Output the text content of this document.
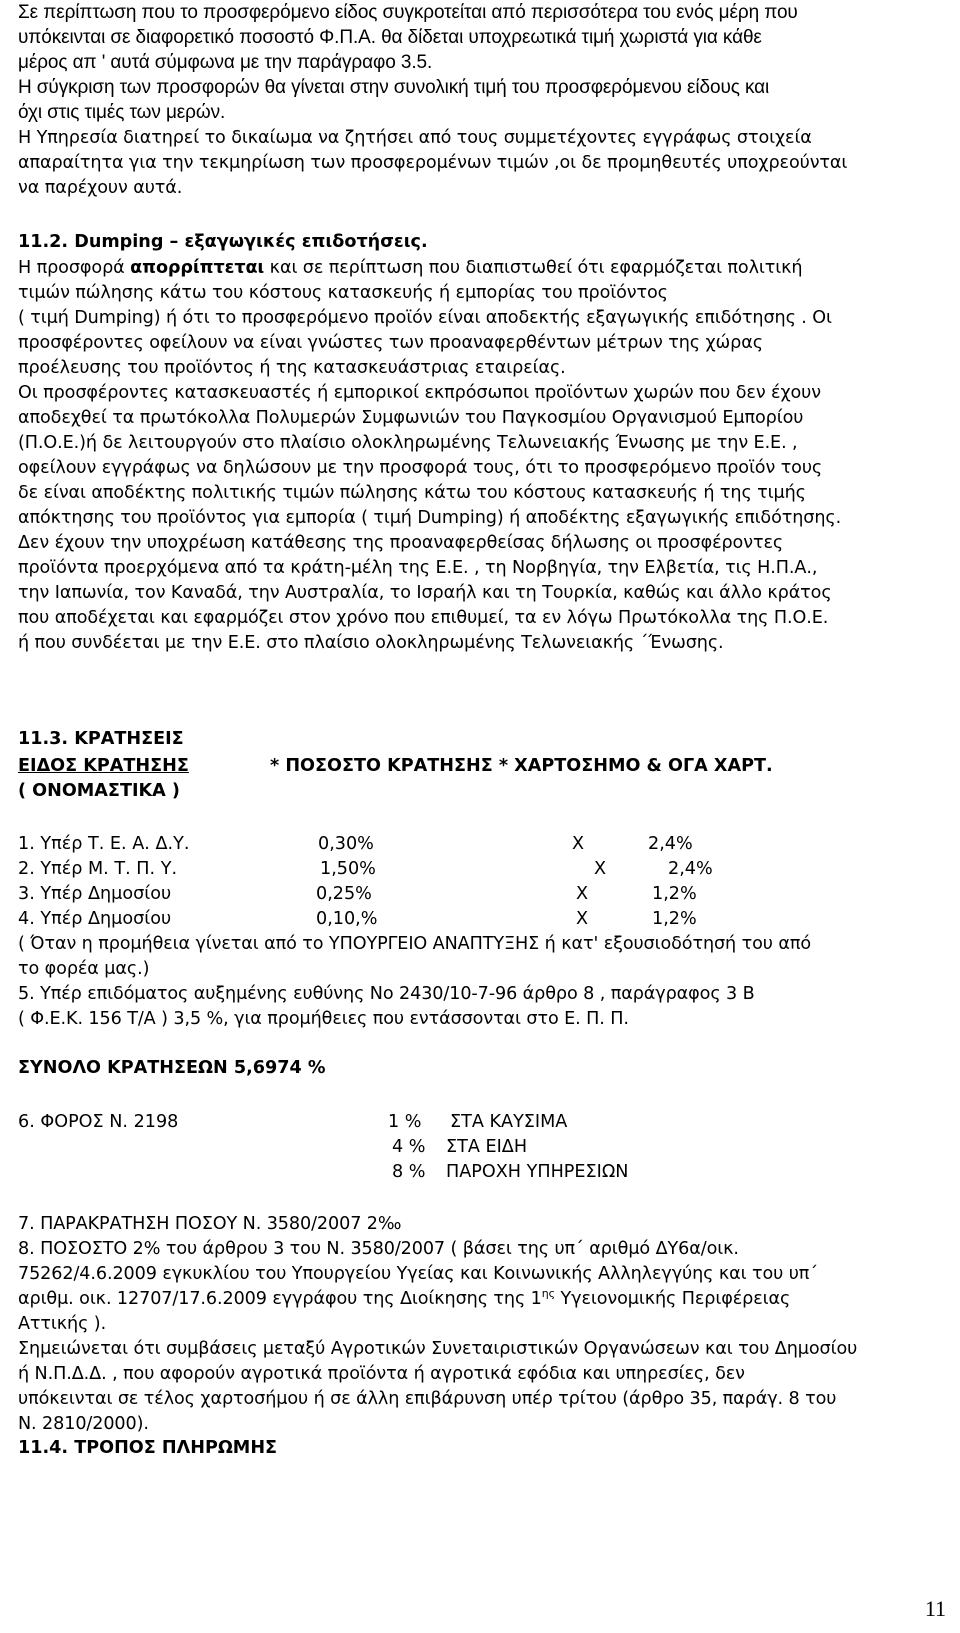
Σε περίπτωση που το προσφερόμενο είδος συγκροτείται από περισσότερα του ενός μέρη που
υπόκεινται σε διαφορετικό ποσοστό Φ.Π.Α. θα δίδεται υποχρεωτικά τιμή χωριστά για κάθε
μέρος απ ' αυτά σύμφωνα με την παράγραφο 3.5.
Η σύγκριση των προσφορών θα γίνεται στην συνολική τιμή του προσφερόμενου είδους και
όχι στις τιμές των μερών.
Η Υπηρεσία διατηρεί το δικαίωμα να ζητήσει από τους συμμετέχοντες εγγράφως στοιχεία
απαραίτητα για την τεκμηρίωση των προσφερομένων τιμών ,οι δε προμηθευτές υποχρεούνται
να παρέχουν αυτά.
11.2. Dumping – εξαγωγικές επιδοτήσεις.
Η προσφορά απορρίπτεται και σε περίπτωση που διαπιστωθεί ότι εφαρμόζεται πολιτική
τιμών πώλησης κάτω του κόστους κατασκευής ή εμπορίας του προϊόντος
( τιμή Dumping) ή ότι το προσφερόμενο προϊόν είναι αποδεκτής εξαγωγικής επιδότησης . Οι
προσφέροντες οφείλουν να είναι γνώστες των προαναφερθέντων μέτρων της χώρας
προέλευσης του προϊόντος ή της κατασκευάστριας εταιρείας.
Οι προσφέροντες κατασκευαστές ή εμπορικοί εκπρόσωποι προϊόντων χωρών που δεν έχουν
αποδεχθεί τα πρωτόκολλα Πολυμερών Συμφωνιών του Παγκοσμίου Οργανισμού Εμπορίου
(Π.Ο.Ε.)ή δε λειτουργούν στο πλαίσιο ολοκληρωμένης Τελωνειακής Ένωσης με την Ε.Ε. ,
οφείλουν εγγράφως να δηλώσουν με την προσφορά τους, ότι το προσφερόμενο προϊόν τους
δε είναι αποδέκτης πολιτικής τιμών πώλησης κάτω του κόστους κατασκευής ή της τιμής
απόκτησης του προϊόντος για εμπορία ( τιμή Dumping) ή αποδέκτης εξαγωγικής επιδότησης.
Δεν έχουν την υποχρέωση κατάθεσης της προαναφερθείσας δήλωσης οι προσφέροντες
προϊόντα προερχόμενα από τα κράτη-μέλη της Ε.Ε. , τη Νορβηγία, την Ελβετία, τις Η.Π.Α.,
την Ιαπωνία, τον Καναδά, την Αυστραλία, το Ισραήλ και τη Τουρκία, καθώς και άλλο κράτος
που αποδέχεται και εφαρμόζει στον χρόνο που επιθυμεί, τα εν λόγω Πρωτόκολλα της Π.Ο.Ε.
ή που συνδέεται με την Ε.Ε. στο πλαίσιο ολοκληρωμένης Τελωνειακής ΄Ένωσης.
11.3. ΚΡΑΤΗΣΕΙΣ
ΕΙΔΟΣ ΚΡΑΤΗΣΗΣ	* ΠΟΣΟΣΤΟ ΚΡΑΤΗΣΗΣ * ΧΑΡΤΟΣΗΜΟ & ΟΓΑ ΧΑΡΤ.
( ΟΝΟΜΑΣΤΙΚΑ )
1. Υπέρ Τ. Ε. Α. Δ.Υ.	0,30%	Χ	2,4%
2. Υπέρ Μ. Τ. Π. Υ.	1,50%	Χ	2,4%
3. Υπέρ Δημοσίου	0,25%	Χ	1,2%
4. Υπέρ Δημοσίου	0,10,%	Χ	1,2%
( Όταν η προμήθεια γίνεται από το ΥΠΟΥΡΓΕΙΟ ΑΝΑΠΤΥΞΗΣ ή κατ' εξουσιοδότησή του από
το φορέα μας.)
5. Υπέρ επιδόματος αυξημένης ευθύνης Νο 2430/10-7-96 άρθρο 8 , παράγραφος 3 Β
( Φ.Ε.Κ. 156 Τ/Α ) 3,5 %, για προμήθειες που εντάσσονται στο Ε. Π. Π.
ΣΥΝΟΛΟ ΚΡΑΤΗΣΕΩΝ 5,6974 %
6. ΦΟΡΟΣ Ν. 2198	1 % ΣΤΑ ΚΑΥΣΙΜΑ
4 % ΣΤΑ ΕΙΔΗ
8 % ΠΑΡΟΧΗ ΥΠΗΡΕΣΙΩΝ
7. ΠΑΡΑΚΡΑΤΗΣΗ ΠΟΣΟΥ Ν. 3580/2007 2‰
8. ΠΟΣΟΣΤΟ 2% του άρθρου 3 του Ν. 3580/2007 ( βάσει της υπ΄ αριθμό ΔΥ6α/οικ.
75262/4.6.2009 εγκυκλίου του Υπουργείου Υγείας και Κοινωνικής Αλληλεγγύης και του υπ΄
αριθμ. οικ. 12707/17.6.2009 εγγράφου της Διοίκησης της $1^{\eta\varsigma}$ Υγειονομικής Περιφέρειας
Αττικής ).
Σημειώνεται ότι συμβάσεις μεταξύ Αγροτικών Συνεταιριστικών Οργανώσεων και του Δημοσίου
ή Ν.Π.Δ.Δ. , που αφορούν αγροτικά προϊόντα ή αγροτικά εφόδια και υπηρεσίες, δεν
υπόκεινται σε τέλος χαρτοσήμου ή σε άλλη επιβάρυνση υπέρ τρίτου (άρθρο 35, παράγ. 8 του
Ν. 2810/2000).
11.4. ΤΡΟΠΟΣ ΠΛΗΡΩΜΗΣ
11
